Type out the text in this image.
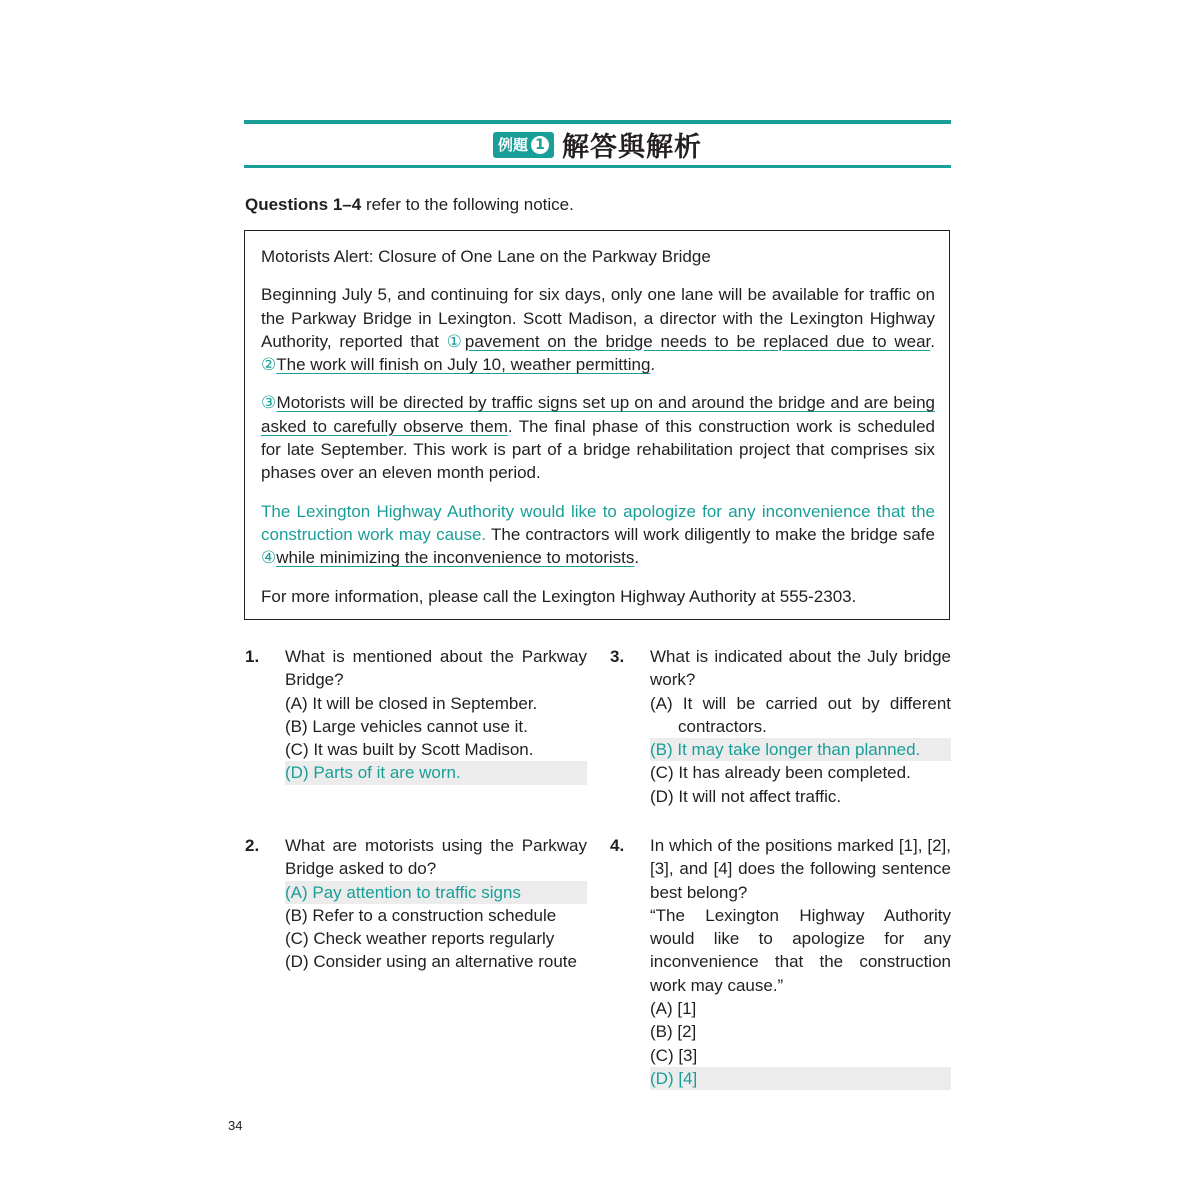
例題 1 解答與解析
Questions 1–4 refer to the following notice.

Motorists Alert: Closure of One Lane on the Parkway Bridge

Beginning July 5, and continuing for six days, only one lane will be available for traffic on the Parkway Bridge in Lexington. Scott Madison, a director with the Lexington Highway Authority, reported that ①pavement on the bridge needs to be replaced due to wear. ②The work will finish on July 10, weather permitting.

③Motorists will be directed by traffic signs set up on and around the bridge and are being asked to carefully observe them. The final phase of this construction work is scheduled for late September. This work is part of a bridge rehabilitation project that comprises six phases over an eleven month period.

The Lexington Highway Authority would like to apologize for any inconvenience that the construction work may cause. The contractors will work diligently to make the bridge safe ④while minimizing the inconvenience to motorists.

For more information, please call the Lexington Highway Authority at 555-2303.

1. What is mentioned about the Parkway Bridge?

(A) It will be closed in September.
(B) Large vehicles cannot use it.
(C) It was built by Scott Madison.
(D) Parts of it are worn.
2. What are motorists using the Parkway Bridge asked to do?

(A) Pay attention to traffic signs
(B) Refer to a construction schedule
(C) Check weather reports regularly
(D) Consider using an alternative route
3. What is indicated about the July bridge work?

(A) It will be carried out by different contractors.
(B) It may take longer than planned.
(C) It has already been completed.
(D) It will not affect traffic.
4. In which of the positions marked [1], [2], [3], and [4] does the following sentence best belong?

“The Lexington Highway Authority would like to apologize for any inconvenience that the construction work may cause.”

(A) [1]
(B) [2]
(C) [3]
(D) [4]
34
